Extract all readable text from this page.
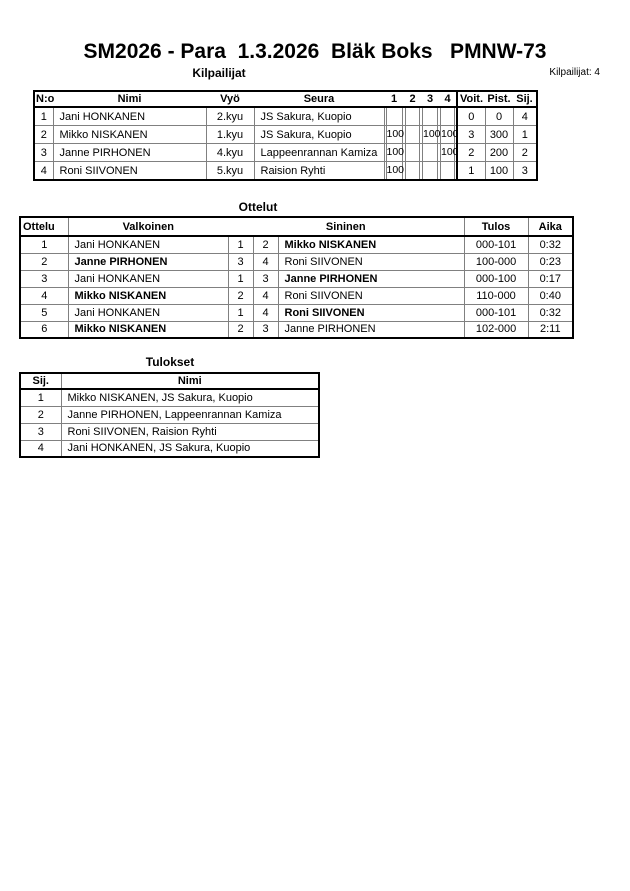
SM2026 - Para  1.3.2026  Bläk Boks   PMNW-73
Kilpailijat	Kilpailijat: 4
N:o	Nimi	Vyö	Seura	1	2	3	4	Voit.	Pist.	Sij.
1	Jani HONKANEN	2.kyu	JS Sakura, Kuopio					0	0	4
2	Mikko NISKANEN	1.kyu	JS Sakura, Kuopio	100		100	100	3	300	1
3	Janne PIRHONEN	4.kyu	Lappeenrannan Kamiza	100			100	2	200	2
4	Roni SIIVONEN	5.kyu	Raision Ryhti	100				1	100	3
Ottelut
Ottelu	Valkoinen	Sininen			Tulos	Aika
1	Jani HONKANEN	1	2	Mikko NISKANEN	000-101	0:32
2	Janne PIRHONEN	3	4	Roni SIIVONEN	100-000	0:23
3	Jani HONKANEN	1	3	Janne PIRHONEN	000-100	0:17
4	Mikko NISKANEN	2	4	Roni SIIVONEN	110-000	0:40
5	Jani HONKANEN	1	4	Roni SIIVONEN	000-101	0:32
6	Mikko NISKANEN	2	3	Janne PIRHONEN	102-000	2:11
Tulokset
Sij.	Nimi
1	Mikko NISKANEN, JS Sakura, Kuopio
2	Janne PIRHONEN, Lappeenrannan Kamiza
3	Roni SIIVONEN, Raision Ryhti
4	Jani HONKANEN, JS Sakura, Kuopio
